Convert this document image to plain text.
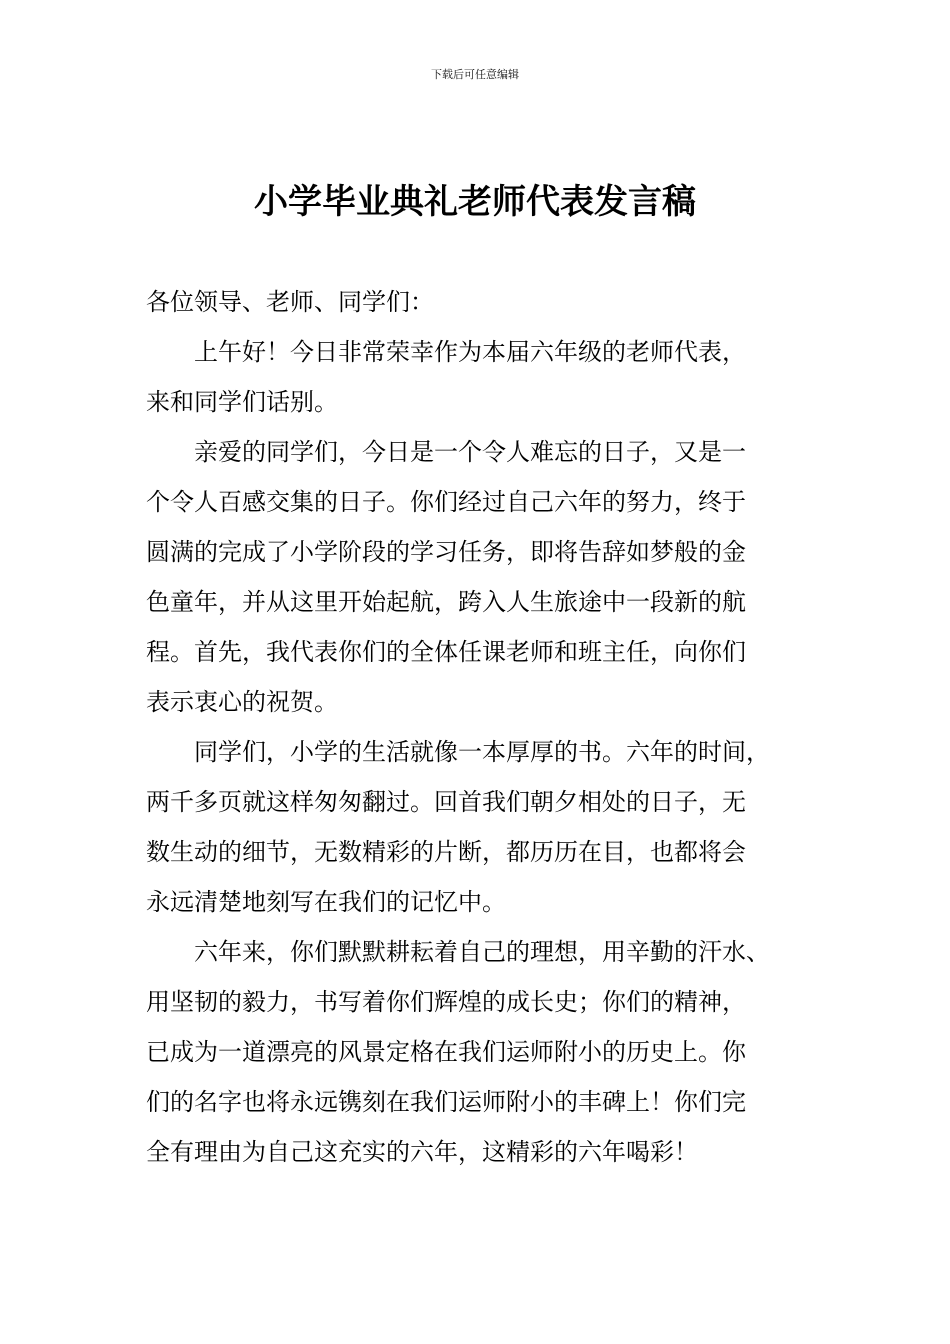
下载后可任意编辑
小学毕业典礼老师代表发言稿
各位领导、老师、同学们：
上午好！今日非常荣幸作为本届六年级的老师代表，
来和同学们话别。
亲爱的同学们，今日是一个令人难忘的日子，又是一
个令人百感交集的日子。你们经过自己六年的努力，终于
圆满的完成了小学阶段的学习任务，即将告辞如梦般的金
色童年，并从这里开始起航，跨入人生旅途中一段新的航
程。首先，我代表你们的全体任课老师和班主任，向你们
表示衷心的祝贺。
同学们，小学的生活就像一本厚厚的书。六年的时间，
两千多页就这样匆匆翻过。回首我们朝夕相处的日子，无
数生动的细节，无数精彩的片断，都历历在目，也都将会
永远清楚地刻写在我们的记忆中。
六年来，你们默默耕耘着自己的理想，用辛勤的汗水、
用坚韧的毅力，书写着你们辉煌的成长史；你们的精神，
已成为一道漂亮的风景定格在我们运师附小的历史上。你
们的名字也将永远镌刻在我们运师附小的丰碑上！你们完
全有理由为自己这充实的六年，这精彩的六年喝彩！
